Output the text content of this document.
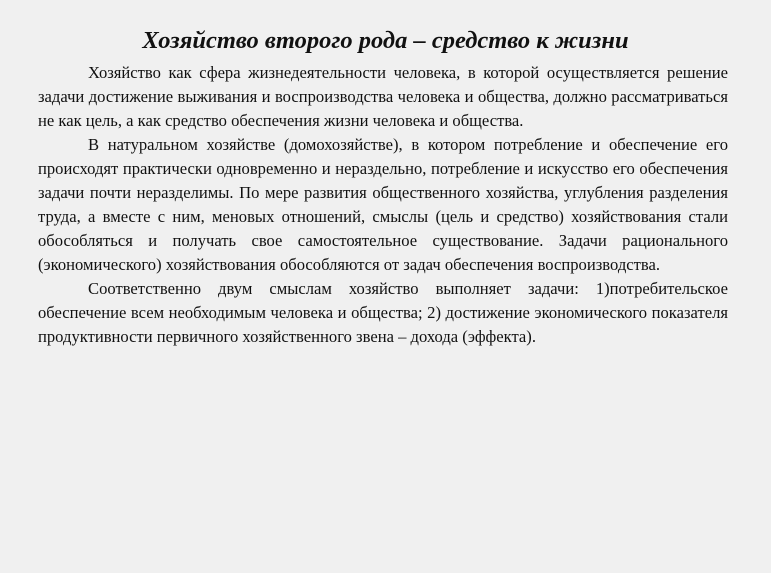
Хозяйство второго рода – средство к жизни

Хозяйство как сфера жизнедеятельности человека, в которой осуществляется решение задачи достижение выживания и воспроизводства человека и общества, должно рассматриваться не как цель, а как средство обеспечения жизни человека и общества.

В натуральном хозяйстве (домохозяйстве), в котором потребление и обеспечение его происходят практически одновременно и нераздельно, потребление и искусство его обеспечения задачи почти неразделимы. По мере развития общественного хозяйства, углубления разделения труда, а вместе с ним, меновых отношений, смыслы (цель и средство) хозяйствования стали обособляться и получать свое самостоятельное существование. Задачи рационального (экономического) хозяйствования обособляются от задач обеспечения воспроизводства.

Соответственно двум смыслам хозяйство выполняет задачи: 1)потребительское обеспечение всем необходимым человека и общества; 2) достижение экономического показателя продуктивности первичного хозяйственного звена – дохода (эффекта).
